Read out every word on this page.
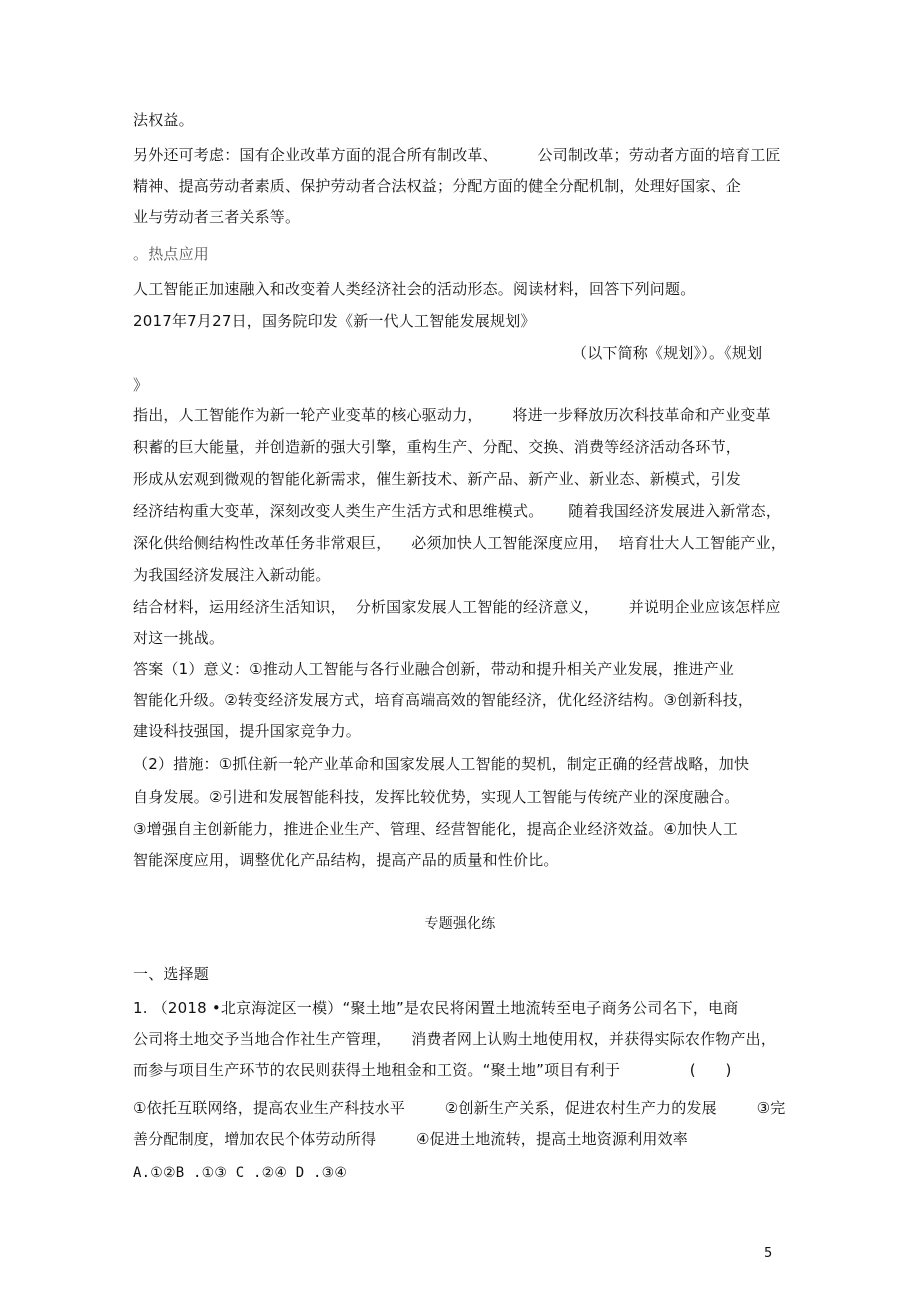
法权益。
另外还可考虑：国有企业改革方面的混合所有制改革、        公司制改革；劳动者方面的培育工匠
精神、提高劳动者素质、保护劳动者合法权益；分配方面的健全分配机制，处理好国家、企
业与劳动者三者关系等。
。热点应用
人工智能正加速融入和改变着人类经济社会的活动形态。阅读材料，回答下列问题。
2017年7月27日，国务院印发《新一代人工智能发展规划》
（以下简称《规划》）。《规划
》
指出，人工智能作为新一轮产业变革的核心驱动力，      将进一步释放历次科技革命和产业变革
积蓄的巨大能量，并创造新的强大引擎，重构生产、分配、交换、消费等经济活动各环节，
形成从宏观到微观的智能化新需求，催生新技术、新产品、新产业、新业态、新模式，引发
经济结构重大变革，深刻改变人类生产生活方式和思维模式。     随着我国经济发展进入新常态，
深化供给侧结构性改革任务非常艰巨，    必须加快人工智能深度应用，  培育壮大人工智能产业，
为我国经济发展注入新动能。
结合材料，运用经济生活知识，  分析国家发展人工智能的经济意义，      并说明企业应该怎样应
对这一挑战。
答案（1）意义：①推动人工智能与各行业融合创新，带动和提升相关产业发展，推进产业
智能化升级。②转变经济发展方式，培育高端高效的智能经济，优化经济结构。③创新科技，
建设科技强国，提升国家竞争力。
（2）措施：①抓住新一轮产业革命和国家发展人工智能的契机，制定正确的经营战略，加快
自身发展。②引进和发展智能科技，发挥比较优势，实现人工智能与传统产业的深度融合。
③增强自主创新能力，推进企业生产、管理、经营智能化，提高企业经济效益。④加快人工
智能深度应用，调整优化产品结构，提高产品的质量和性价比。
专题强化练
一、选择题
1. （2018 •北京海淀区一模）“聚土地”是农民将闲置土地流转至电子商务公司名下，电商
公司将土地交予当地合作社生产管理，    消费者网上认购土地使用权，并获得实际农作物产出，
而参与项目生产环节的农民则获得土地租金和工资。“聚土地”项目有利于              (      )
①依托互联网络，提高农业生产科技水平        ②创新生产关系，促进农村生产力的发展        ③完
善分配制度，增加农民个体劳动所得        ④促进土地流转，提高土地资源利用效率
A.①②B .①③ C .②④ D .③④
5
